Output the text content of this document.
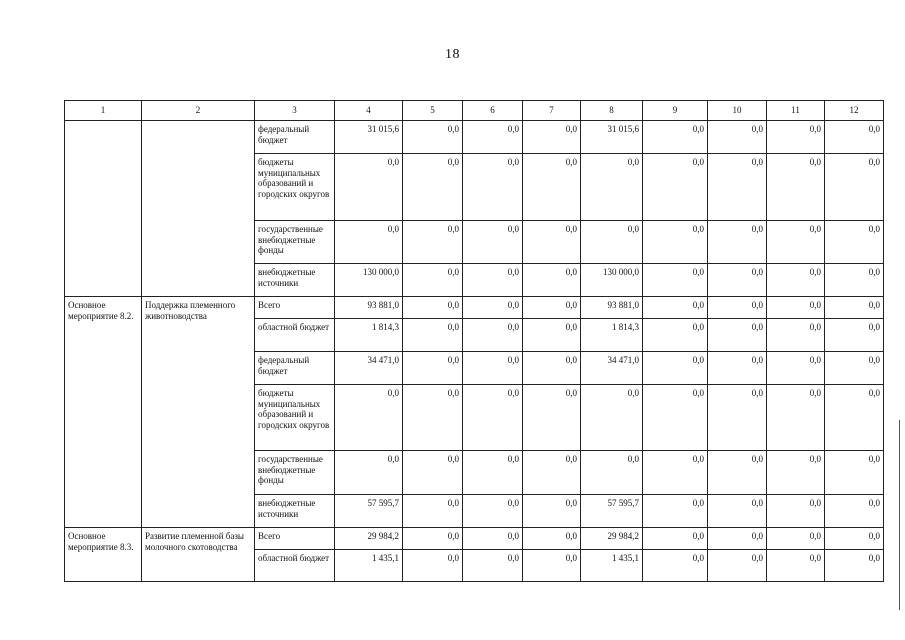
18
1	2	3	4	5	6	7	8	9	10	11	12
		федеральный бюджет	31 015,6	0,0	0,0	0,0	31 015,6	0,0	0,0	0,0	0,0
		бюджеты муниципальных образований и городских округов	0,0	0,0	0,0	0,0	0,0	0,0	0,0	0,0	0,0
		государственные внебюджетные фонды	0,0	0,0	0,0	0,0	0,0	0,0	0,0	0,0	0,0
		внебюджетные источники	130 000,0	0,0	0,0	0,0	130 000,0	0,0	0,0	0,0	0,0
Основное мероприятие 8.2.	Поддержка племенного животноводства	Всего	93 881,0	0,0	0,0	0,0	93 881,0	0,0	0,0	0,0	0,0
		областной бюджет	1 814,3	0,0	0,0	0,0	1 814,3	0,0	0,0	0,0	0,0
		федеральный бюджет	34 471,0	0,0	0,0	0,0	34 471,0	0,0	0,0	0,0	0,0
		бюджеты муниципальных образований и городских округов	0,0	0,0	0,0	0,0	0,0	0,0	0,0	0,0	0,0
		государственные внебюджетные фонды	0,0	0,0	0,0	0,0	0,0	0,0	0,0	0,0	0,0
		внебюджетные источники	57 595,7	0,0	0,0	0,0	57 595,7	0,0	0,0	0,0	0,0
Основное мероприятие 8.3.	Развитие племенной базы молочного скотоводства	Всего	29 984,2	0,0	0,0	0,0	29 984,2	0,0	0,0	0,0	0,0
		областной бюджет	1 435,1	0,0	0,0	0,0	1 435,1	0,0	0,0	0,0	0,0
